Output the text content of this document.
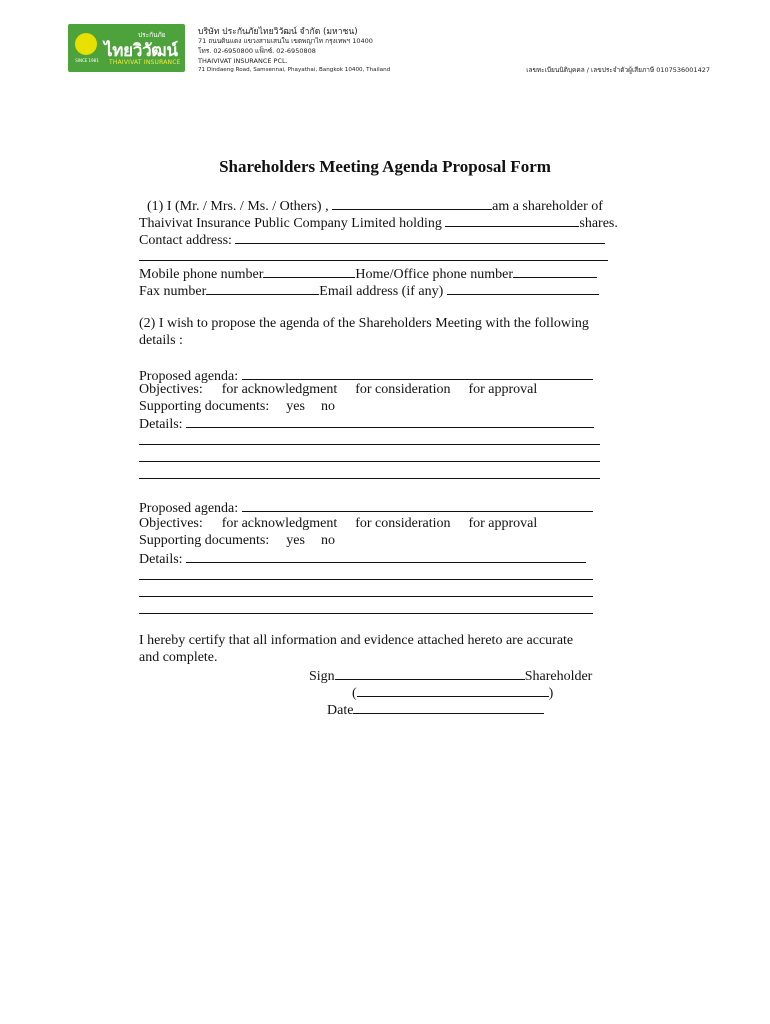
SINCE 1981
ประกันภัย
ไทยวิวัฒน์
THAIVIVAT INSURANCE
บริษัท ประกันภัยไทยวิวัฒน์ จำกัด (มหาชน)
71 ถนนดินแดง แขวงสามเสนใน เขตพญาไท กรุงเทพฯ 10400
โทร. 02-6950800 แฟ็กซ์. 02-6950808
THAIVIVAT INSURANCE PCL.
71 Dindaeng Road, Samsennai, Phayathai, Bangkok 10400, Thailand	เลขทะเบียนนิติบุคคล / เลขประจำตัวผู้เสียภาษี 0107536001427
Shareholders Meeting Agenda Proposal Form
(1) I (Mr. / Mrs. / Ms. / Others) ,	am a shareholder of
Thaivivat Insurance Public Company Limited holding	shares.
Contact address:
Mobile phone number	Home/Office phone number
Fax number	Email address (if any)
(2) I wish to propose the agenda of the Shareholders Meeting with the following
details :
Proposed agenda:
Objectives: for acknowledgment for consideration for approval
Supporting documents: yes no
Details:
Proposed agenda:
Objectives: for acknowledgment for consideration for approval
Supporting documents: yes no
Details:
I hereby certify that all information and evidence attached hereto are accurate
and complete.
Sign	Shareholder
(	)
Date
